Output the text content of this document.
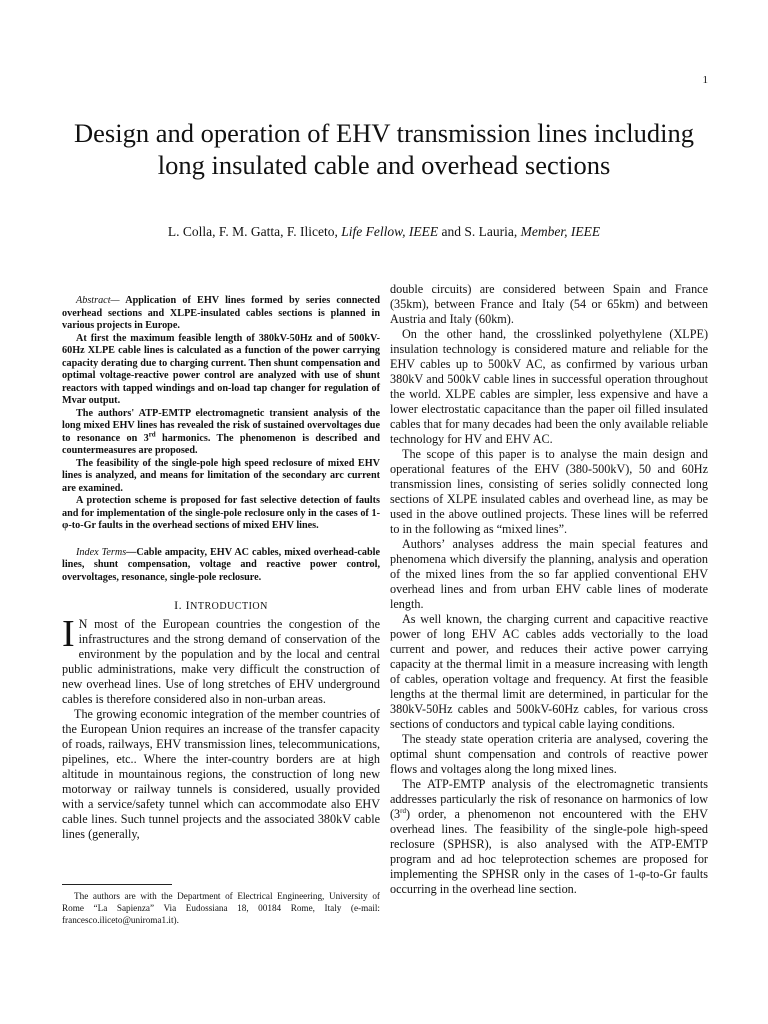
1
Design and operation of EHV transmission lines including long insulated cable and overhead sections
L. Colla, F. M. Gatta, F. Iliceto, Life Fellow, IEEE and S. Lauria, Member, IEEE

Abstract— Application of EHV lines formed by series connected overhead sections and XLPE-insulated cables sections is planned in various projects in Europe.

At first the maximum feasible length of 380kV-50Hz and of 500kV-60Hz XLPE cable lines is calculated as a function of the power carrying capacity derating due to charging current. Then shunt compensation and optimal voltage-reactive power control are analyzed with use of shunt reactors with tapped windings and on-load tap changer for regulation of Mvar output.

The authors' ATP-EMTP electromagnetic transient analysis of the long mixed EHV lines has revealed the risk of sustained overvoltages due to resonance on 3rd harmonics. The phenomenon is described and countermeasures are proposed.

The feasibility of the single-pole high speed reclosure of mixed EHV lines is analyzed, and means for limitation of the secondary arc current are examined.

A protection scheme is proposed for fast selective detection of faults and for implementation of the single-pole reclosure only in the cases of 1-φ-to-Gr faults in the overhead sections of mixed EHV lines.

Index Terms—Cable ampacity, EHV AC cables, mixed overhead-cable lines, shunt compensation, voltage and reactive power control, overvoltages, resonance, single-pole reclosure.

I. INTRODUCTION

I N most of the European countries the congestion of the infrastructures and the strong demand of conservation of the environment by the population and by the local and central public administrations, make very difficult the construction of new overhead lines. Use of long stretches of EHV underground cables is therefore considered also in non-urban areas.

The growing economic integration of the member countries of the European Union requires an increase of the transfer capacity of roads, railways, EHV transmission lines, telecommunications, pipelines, etc.. Where the inter-country borders are at high altitude in mountainous regions, the construction of long new motorway or railway tunnels is considered, usually provided with a service/safety tunnel which can accommodate also EHV cable lines. Such tunnel projects and the associated 380kV cable lines (generally,

double circuits) are considered between Spain and France (35km), between France and Italy (54 or 65km) and between Austria and Italy (60km).

On the other hand, the crosslinked polyethylene (XLPE) insulation technology is considered mature and reliable for the EHV cables up to 500kV AC, as confirmed by various urban 380kV and 500kV cable lines in successful operation throughout the world. XLPE cables are simpler, less expensive and have a lower electrostatic capacitance than the paper oil filled insulated cables that for many decades had been the only available reliable technology for HV and EHV AC.

The scope of this paper is to analyse the main design and operational features of the EHV (380-500kV), 50 and 60Hz transmission lines, consisting of series solidly connected long sections of XLPE insulated cables and overhead line, as may be used in the above outlined projects. These lines will be referred to in the following as “mixed lines”.

Authors’ analyses address the main special features and phenomena which diversify the planning, analysis and operation of the mixed lines from the so far applied conventional EHV overhead lines and from urban EHV cable lines of moderate length.

As well known, the charging current and capacitive reactive power of long EHV AC cables adds vectorially to the load current and power, and reduces their active power carrying capacity at the thermal limit in a measure increasing with length of cables, operation voltage and frequency. At first the feasible lengths at the thermal limit are determined, in particular for the 380kV-50Hz cables and 500kV-60Hz cables, for various cross sections of conductors and typical cable laying conditions.

The steady state operation criteria are analysed, covering the optimal shunt compensation and controls of reactive power flows and voltages along the long mixed lines.

The ATP-EMTP analysis of the electromagnetic transients addresses particularly the risk of resonance on harmonics of low (3rd) order, a phenomenon not encountered with the EHV overhead lines. The feasibility of the single-pole high-speed reclosure (SPHSR), is also analysed with the ATP-EMTP program and ad hoc teleprotection schemes are proposed for implementing the SPHSR only in the cases of 1-φ-to-Gr faults occurring in the overhead line section.

The authors are with the Department of Electrical Engineering, University of Rome “La Sapienza” Via Eudossiana 18, 00184 Rome, Italy (e-mail: francesco.iliceto@uniroma1.it).
